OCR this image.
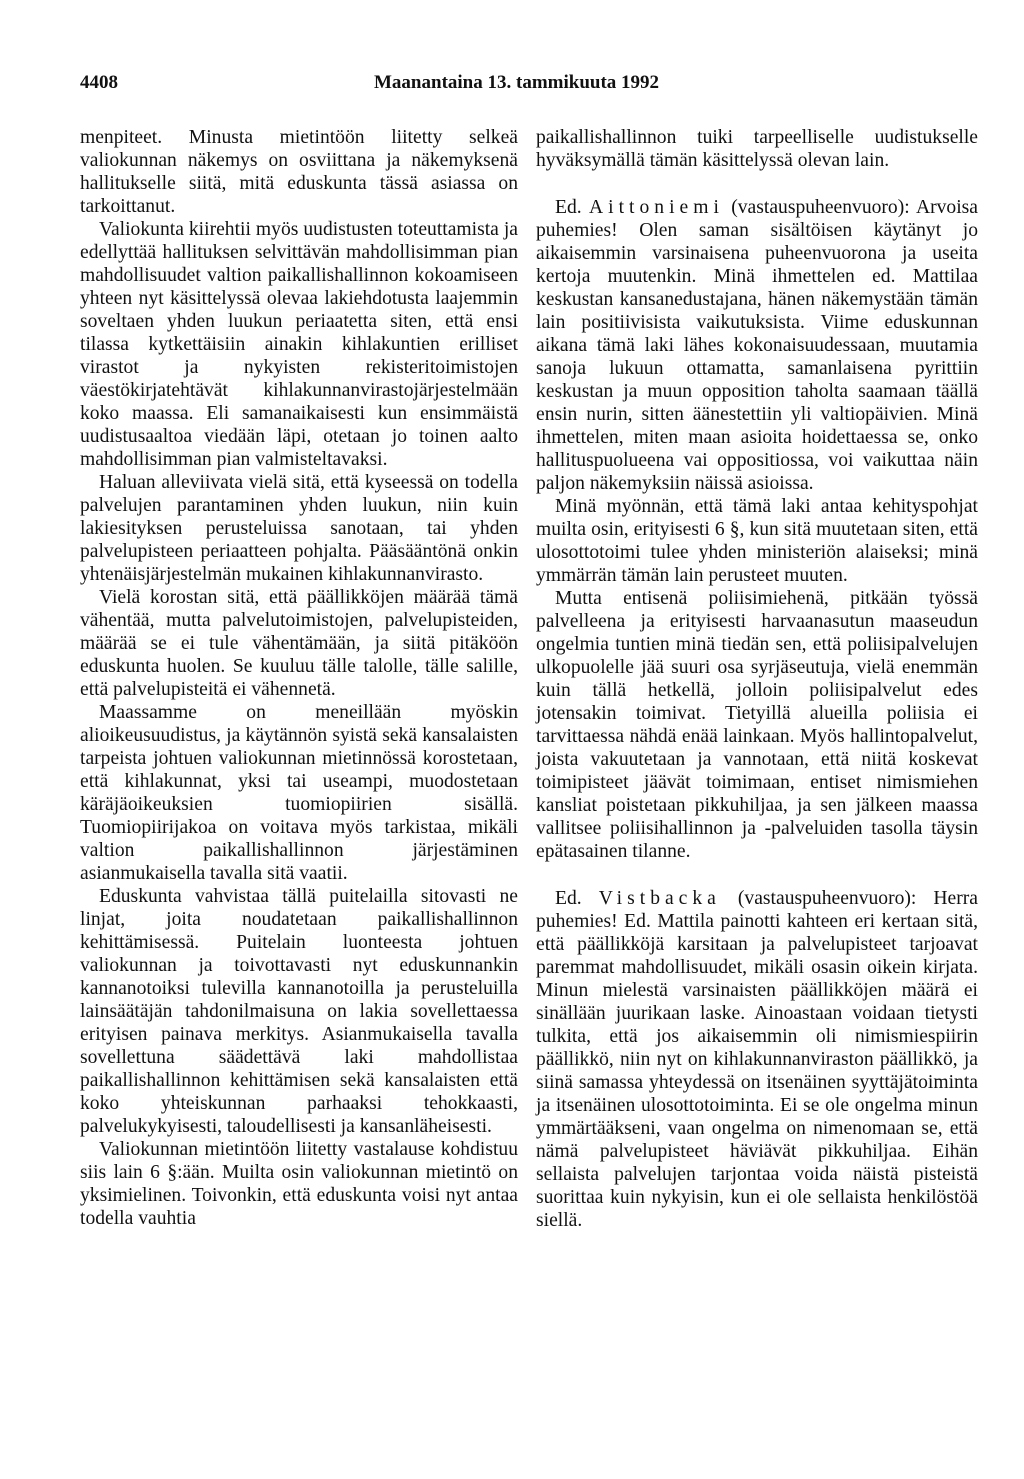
4408	Maanantaina 13. tammikuuta 1992

menpiteet. Minusta mietintöön liitetty selkeä valiokunnan näkemys on osviittana ja näkemyksenä hallitukselle siitä, mitä eduskunta tässä asiassa on tarkoittanut.

Valiokunta kiirehtii myös uudistusten toteuttamista ja edellyttää hallituksen selvittävän mahdollisimman pian mahdollisuudet valtion paikallishallinnon kokoamiseen yhteen nyt käsittelyssä olevaa lakiehdotusta laajemmin soveltaen yhden luukun periaatetta siten, että ensi tilassa kytkettäisiin ainakin kihlakuntien erilliset virastot ja nykyisten rekisteritoimistojen väestökirjatehtävät kihlakunnanvirastojärjestelmään koko maassa. Eli samanaikaisesti kun ensimmäistä uudistusaaltoa viedään läpi, otetaan jo toinen aalto mahdollisimman pian valmisteltavaksi.

Haluan alleviivata vielä sitä, että kyseessä on todella palvelujen parantaminen yhden luukun, niin kuin lakiesityksen perusteluissa sanotaan, tai yhden palvelupisteen periaatteen pohjalta. Pääsääntönä onkin yhtenäisjärjestelmän mukainen kihlakunnanvirasto.

Vielä korostan sitä, että päällikköjen määrää tämä vähentää, mutta palvelutoimistojen, palvelupisteiden, määrää se ei tule vähentämään, ja siitä pitäköön eduskunta huolen. Se kuuluu tälle talolle, tälle salille, että palvelupisteitä ei vähennetä.

Maassamme on meneillään myöskin alioikeusuudistus, ja käytännön syistä sekä kansalaisten tarpeista johtuen valiokunnan mietinnössä korostetaan, että kihlakunnat, yksi tai useampi, muodostetaan käräjäoikeuksien tuomiopiirien sisällä. Tuomiopiirijakoa on voitava myös tarkistaa, mikäli valtion paikallishallinnon järjestäminen asianmukaisella tavalla sitä vaatii.

Eduskunta vahvistaa tällä puitelailla sitovasti ne linjat, joita noudatetaan paikallishallinnon kehittämisessä. Puitelain luonteesta johtuen valiokunnan ja toivottavasti nyt eduskunnankin kannanotoiksi tulevilla kannanotoilla ja perusteluilla lainsäätäjän tahdonilmaisuna on lakia sovellettaessa erityisen painava merkitys. Asianmukaisella tavalla sovellettuna säädettävä laki mahdollistaa paikallishallinnon kehittämisen sekä kansalaisten että koko yhteiskunnan parhaaksi tehokkaasti, palvelukykyisesti, taloudellisesti ja kansanläheisesti.

Valiokunnan mietintöön liitetty vastalause kohdistuu siis lain 6 §:ään. Muilta osin valiokunnan mietintö on yksimielinen. Toivonkin, että eduskunta voisi nyt antaa todella vauhtia

paikallishallinnon tuiki tarpeelliselle uudistukselle hyväksymällä tämän käsittelyssä olevan lain.

Ed. Aittoniemi (vastauspuheenvuoro): Arvoisa puhemies! Olen saman sisältöisen käytänyt jo aikaisemmin varsinaisena puheenvuorona ja useita kertoja muutenkin. Minä ihmettelen ed. Mattilaa keskustan kansanedustajana, hänen näkemystään tämän lain positiivisista vaikutuksista. Viime eduskunnan aikana tämä laki lähes kokonaisuudessaan, muutamia sanoja lukuun ottamatta, samanlaisena pyrittiin keskustan ja muun opposition taholta saamaan täällä ensin nurin, sitten äänestettiin yli valtiopäivien. Minä ihmettelen, miten maan asioita hoidettaessa se, onko hallituspuolueena vai oppositiossa, voi vaikuttaa näin paljon näkemyksiin näissä asioissa.

Minä myönnän, että tämä laki antaa kehityspohjat muilta osin, erityisesti 6 §, kun sitä muutetaan siten, että ulosottotoimi tulee yhden ministeriön alaiseksi; minä ymmärrän tämän lain perusteet muuten.

Mutta entisenä poliisimiehenä, pitkään työssä palvelleena ja erityisesti harvaanasutun maaseudun ongelmia tuntien minä tiedän sen, että poliisipalvelujen ulkopuolelle jää suuri osa syrjäseutuja, vielä enemmän kuin tällä hetkellä, jolloin poliisipalvelut edes jotensakin toimivat. Tietyillä alueilla poliisia ei tarvittaessa nähdä enää lainkaan. Myös hallintopalvelut, joista vakuutetaan ja vannotaan, että niitä koskevat toimipisteet jäävät toimimaan, entiset nimismiehen kansliat poistetaan pikkuhiljaa, ja sen jälkeen maassa vallitsee poliisihallinnon ja -palveluiden tasolla täysin epätasainen tilanne.

Ed. Vistbacka (vastauspuheenvuoro): Herra puhemies! Ed. Mattila painotti kahteen eri kertaan sitä, että päällikköjä karsitaan ja palvelupisteet tarjoavat paremmat mahdollisuudet, mikäli osasin oikein kirjata. Minun mielestä varsinaisten päällikköjen määrä ei sinällään juurikaan laske. Ainoastaan voidaan tietysti tulkita, että jos aikaisemmin oli nimismiespiirin päällikkö, niin nyt on kihlakunnanviraston päällikkö, ja siinä samassa yhteydessä on itsenäinen syyttäjätoiminta ja itsenäinen ulosottotoiminta. Ei se ole ongelma minun ymmärtääkseni, vaan ongelma on nimenomaan se, että nämä palvelupisteet häviävät pikkuhiljaa. Eihän sellaista palvelujen tarjontaa voida näistä pisteistä suorittaa kuin nykyisin, kun ei ole sellaista henkilöstöä siellä.
